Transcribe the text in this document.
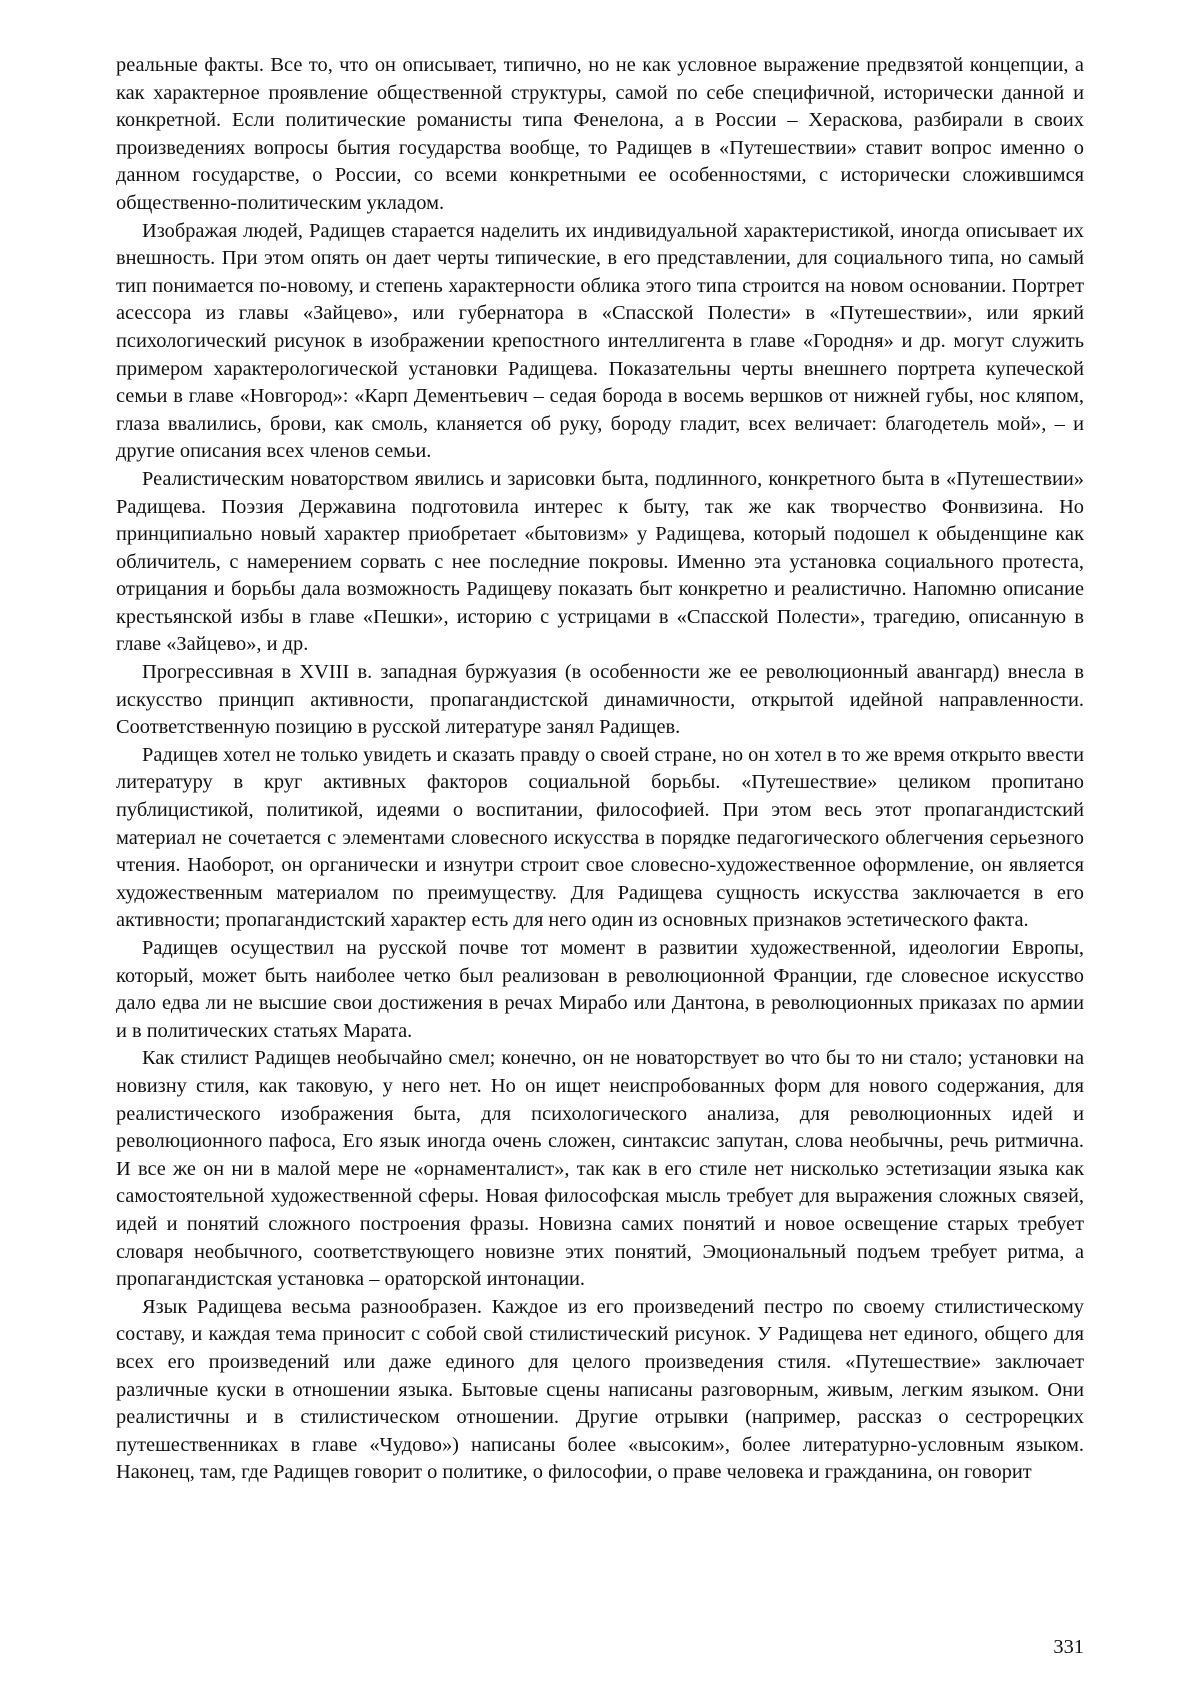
реальные факты. Все то, что он описывает, типично, но не как условное выражение предвзятой концепции, а как характерное проявление общественной структуры, самой по себе специфичной, исторически данной и конкретной. Если политические романисты типа Фенелона, а в России – Хераскова, разбирали в своих произведениях вопросы бытия государства вообще, то Радищев в «Путешествии» ставит вопрос именно о данном государстве, о России, со всеми конкретными ее особенностями, с исторически сложившимся общественно-политическим укладом.

Изображая людей, Радищев старается наделить их индивидуальной характеристикой, иногда описывает их внешность. При этом опять он дает черты типические, в его представлении, для социального типа, но самый тип понимается по-новому, и степень характерности облика этого типа строится на новом основании. Портрет асессора из главы «Зайцево», или губернатора в «Спасской Полести» в «Путешествии», или яркий психологический рисунок в изображении крепостного интеллигента в главе «Городня» и др. могут служить примером характерологической установки Радищева. Показательны черты внешнего портрета купеческой семьи в главе «Новгород»: «Карп Дементьевич – седая борода в восемь вершков от нижней губы, нос кляпом, глаза ввалились, брови, как смоль, кланяется об руку, бороду гладит, всех величает: благодетель мой», – и другие описания всех членов семьи.

Реалистическим новаторством явились и зарисовки быта, подлинного, конкретного быта в «Путешествии» Радищева. Поэзия Державина подготовила интерес к быту, так же как творчество Фонвизина. Но принципиально новый характер приобретает «бытовизм» у Радищева, который подошел к обыденщине как обличитель, с намерением сорвать с нее последние покровы. Именно эта установка социального протеста, отрицания и борьбы дала возможность Радищеву показать быт конкретно и реалистично. Напомню описание крестьянской избы в главе «Пешки», историю с устрицами в «Спасской Полести», трагедию, описанную в главе «Зайцево», и др.

Прогрессивная в XVIII в. западная буржуазия (в особенности же ее революционный авангард) внесла в искусство принцип активности, пропагандистской динамичности, открытой идейной направленности. Соответственную позицию в русской литературе занял Радищев.

Радищев хотел не только увидеть и сказать правду о своей стране, но он хотел в то же время открыто ввести литературу в круг активных факторов социальной борьбы. «Путешествие» целиком пропитано публицистикой, политикой, идеями о воспитании, философией. При этом весь этот пропагандистский материал не сочетается с элементами словесного искусства в порядке педагогического облегчения серьезного чтения. Наоборот, он органически и изнутри строит свое словесно-художественное оформление, он является художественным материалом по преимуществу. Для Радищева сущность искусства заключается в его активности; пропагандистский характер есть для него один из основных признаков эстетического факта.

Радищев осуществил на русской почве тот момент в развитии художественной, идеологии Европы, который, может быть наиболее четко был реализован в революционной Франции, где словесное искусство дало едва ли не высшие свои достижения в речах Мирабо или Дантона, в революционных приказах по армии и в политических статьях Марата.

Как стилист Радищев необычайно смел; конечно, он не новаторствует во что бы то ни стало; установки на новизну стиля, как таковую, у него нет. Но он ищет неиспробованных форм для нового содержания, для реалистического изображения быта, для психологического анализа, для революционных идей и революционного пафоса, Его язык иногда очень сложен, синтаксис запутан, слова необычны, речь ритмична. И все же он ни в малой мере не «орнаменталист», так как в его стиле нет нисколько эстетизации языка как самостоятельной художественной сферы. Новая философская мысль требует для выражения сложных связей, идей и понятий сложного построения фразы. Новизна самих понятий и новое освещение старых требует словаря необычного, соответствующего новизне этих понятий, Эмоциональный подъем требует ритма, а пропагандистская установка – ораторской интонации.

Язык Радищева весьма разнообразен. Каждое из его произведений пестро по своему стилистическому составу, и каждая тема приносит с собой свой стилистический рисунок. У Радищева нет единого, общего для всех его произведений или даже единого для целого произведения стиля. «Путешествие» заключает различные куски в отношении языка. Бытовые сцены написаны разговорным, живым, легким языком. Они реалистичны и в стилистическом отношении. Другие отрывки (например, рассказ о сестрорецких путешественниках в главе «Чудово») написаны более «высоким», более литературно-условным языком. Наконец, там, где Радищев говорит о политике, о философии, о праве человека и гражданина, он говорит

331
